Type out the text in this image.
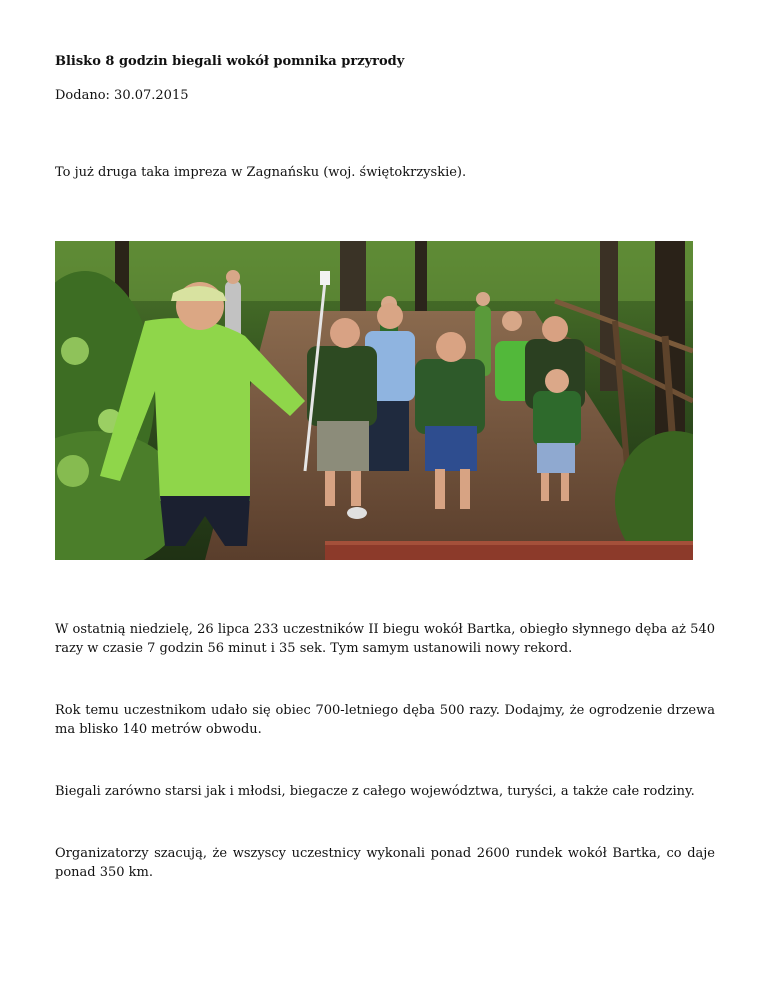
Blisko 8 godzin biegali wokół pomnika przyrody
Dodano: 30.07.2015
To już druga taka impreza w Zagnańsku (woj. świętokrzyskie).
W ostatnią niedzielę, 26 lipca 233 uczestników II biegu wokół Bartka, obiegło słynnego dęba aż 540 razy w czasie 7 godzin 56 minut i 35 sek. Tym samym ustanowili nowy rekord.
Rok temu uczestnikom udało się obiec 700-letniego dęba 500 razy. Dodajmy, że ogrodzenie drzewa ma blisko 140 metrów obwodu.
Biegali zarówno starsi jak i młodsi, biegacze z całego województwa, turyści, a także całe rodziny.
Organizatorzy szacują, że wszyscy uczestnicy wykonali ponad 2600 rundek wokół Bartka, co daje ponad 350 km.
